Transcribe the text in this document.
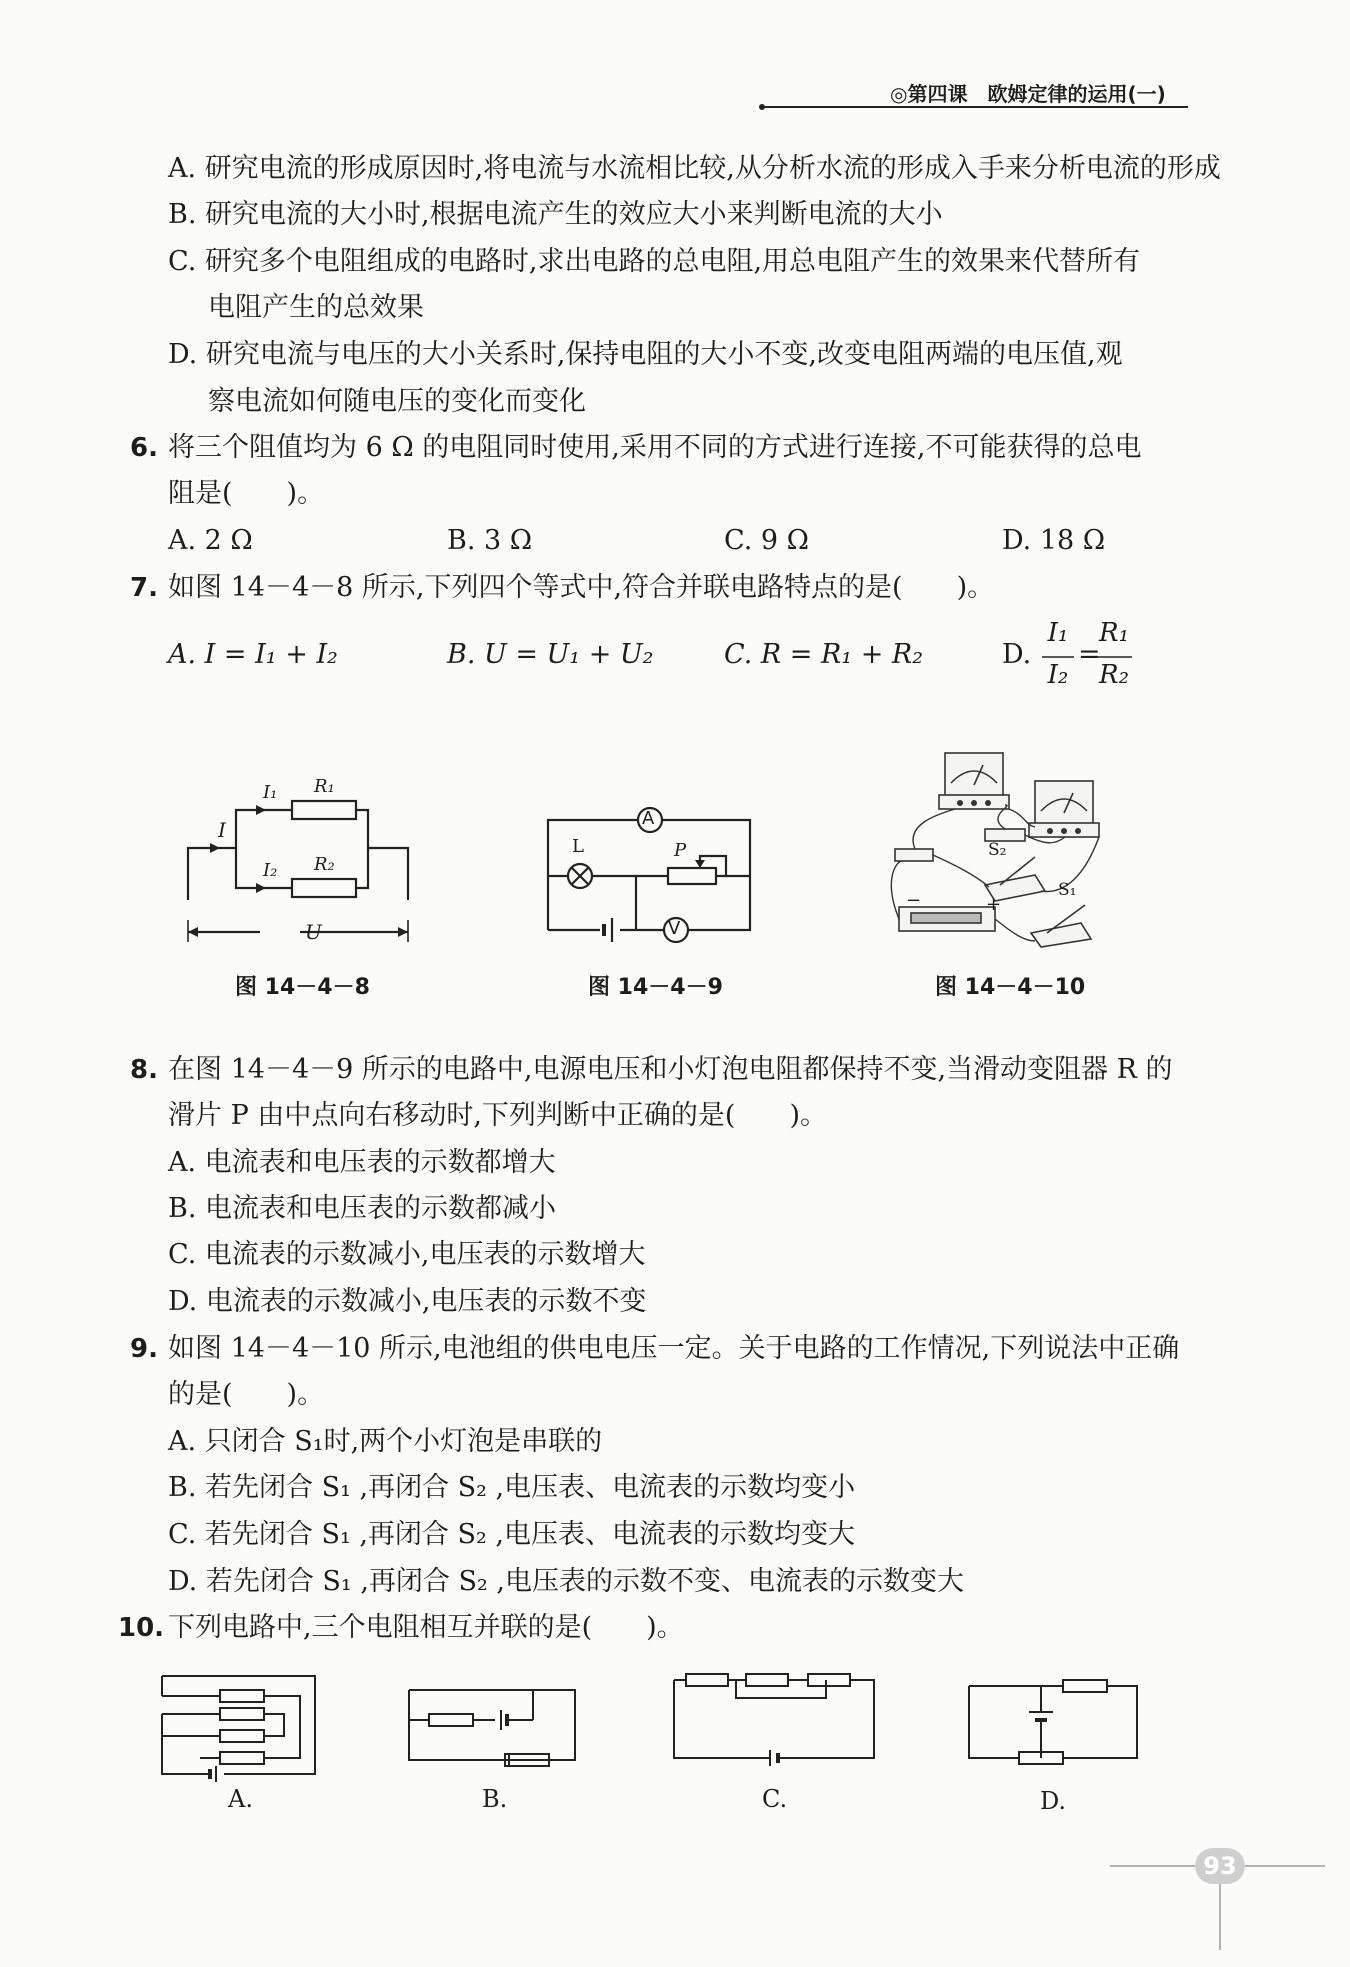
◎第四课　欧姆定律的运用(一)
A. 研究电流的形成原因时,将电流与水流相比较,从分析水流的形成入手来分析电流的形成
B. 研究电流的大小时,根据电流产生的效应大小来判断电流的大小
C. 研究多个电阻组成的电路时,求出电路的总电阻,用总电阻产生的效果来代替所有
电阻产生的总效果
D. 研究电流与电压的大小关系时,保持电阻的大小不变,改变电阻两端的电压值,观
察电流如何随电压的变化而变化
6. 将三个阻值均为 6 Ω 的电阻同时使用,采用不同的方式进行连接,不可能获得的总电
阻是(　　)。
A. 2 Ω	B. 3 Ω	C. 9 Ω	D. 18 Ω
7. 如图 14－4－8 所示,下列四个等式中,符合并联电路特点的是(　　)。
A. I = I₁ + I₂	B. U = U₁ + U₂	C. R = R₁ + R₂	D.
I₁
I₂
=
R₁
R₂
I
I₁
I₂
R₁
R₂
U
图 14－4－8
A
V
L	P
图 14－4－9
S₂
S₁
−	+
图 14－4－10
8. 在图 14－4－9 所示的电路中,电源电压和小灯泡电阻都保持不变,当滑动变阻器 R 的
滑片 P 由中点向右移动时,下列判断中正确的是(　　)。
A. 电流表和电压表的示数都增大
B. 电流表和电压表的示数都减小
C. 电流表的示数减小,电压表的示数增大
D. 电流表的示数减小,电压表的示数不变
9. 如图 14－4－10 所示,电池组的供电电压一定。关于电路的工作情况,下列说法中正确
的是(　　)。
A. 只闭合 S₁时,两个小灯泡是串联的
B. 若先闭合 S₁ ,再闭合 S₂ ,电压表、电流表的示数均变小
C. 若先闭合 S₁ ,再闭合 S₂ ,电压表、电流表的示数均变大
D. 若先闭合 S₁ ,再闭合 S₂ ,电压表的示数不变、电流表的示数变大
10. 下列电路中,三个电阻相互并联的是(　　)。
A.	B.	C.	D.
93
